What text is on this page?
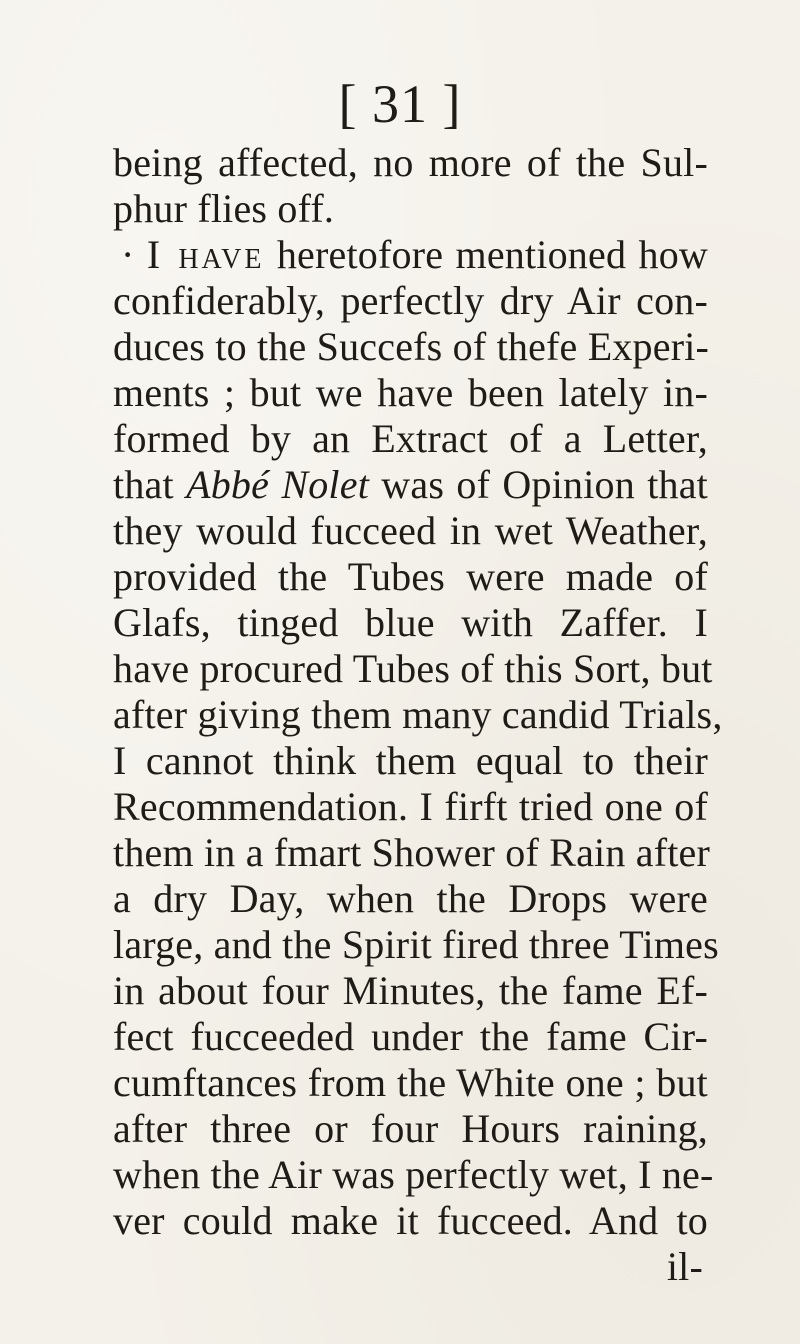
[ 31 ]
being affected, no more of the Sul-
phur flies off.
· I have heretofore mentioned how
confiderably, perfectly dry Air con-
duces to the Succefs of thefe Experi-
ments ; but we have been lately in-
formed by an Extract of a Letter,
that Abbé Nolet was of Opinion that
they would fucceed in wet Weather,
provided the Tubes were made of
Glafs, tinged blue with Zaffer. I
have procured Tubes of this Sort, but
after giving them many candid Trials,
I cannot think them equal to their
Recommendation. I firft tried one of
them in a fmart Shower of Rain after
a dry Day, when the Drops were
large, and the Spirit fired three Times
in about four Minutes, the fame Ef-
fect fucceeded under the fame Cir-
cumftances from the White one ; but
after three or four Hours raining,
when the Air was perfectly wet, I ne-
ver could make it fucceed. And to
il-
